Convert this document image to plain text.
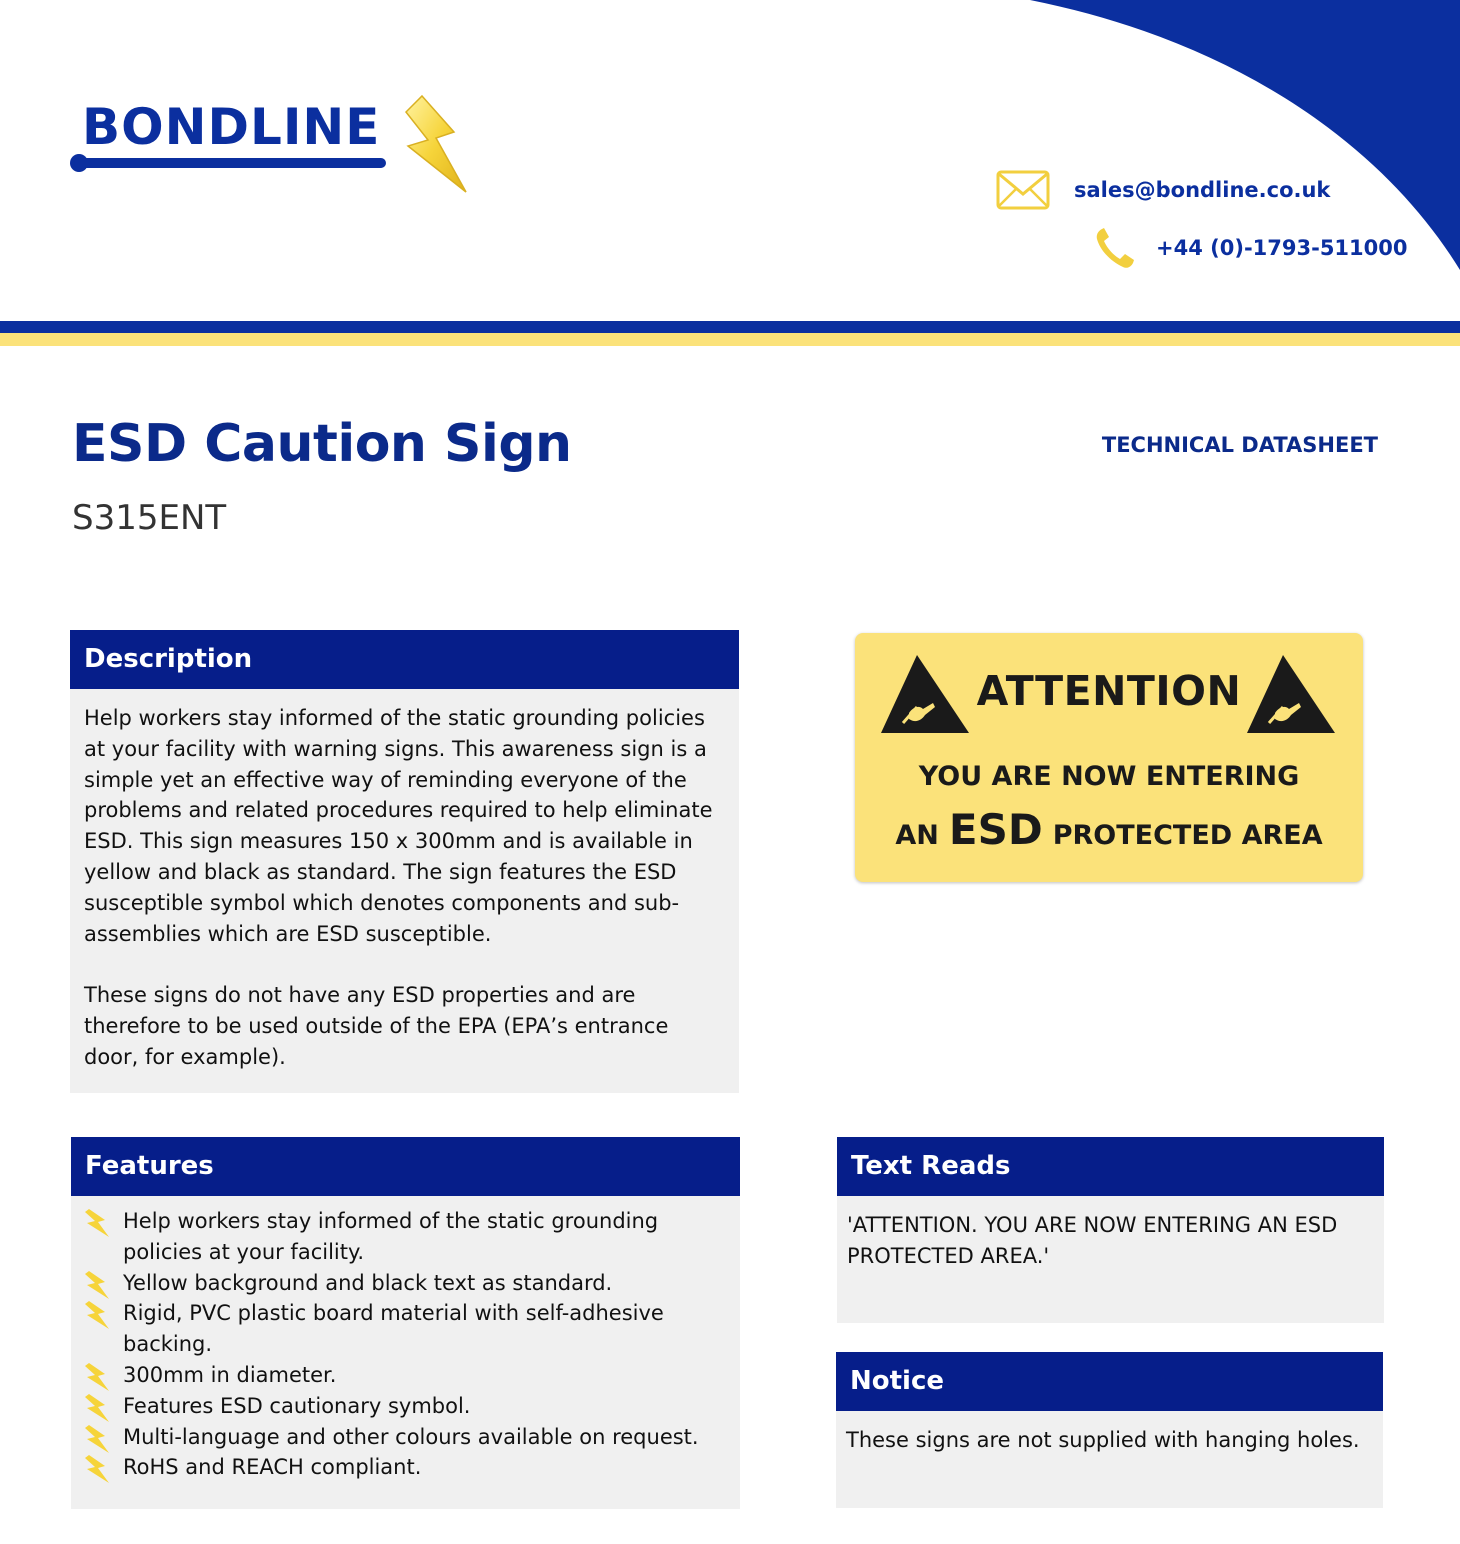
BONDLINE
sales@bondline.co.uk
+44 (0)-1793-511000
ESD Caution Sign
S315ENT
TECHNICAL DATASHEET
Description

Help workers stay informed of the static grounding policies at your facility with warning signs. This awareness sign is a simple yet an effective way of reminding everyone of the problems and related procedures required to help eliminate ESD. This sign measures 150 x 300mm and is available in yellow and black as standard. The sign features the ESD susceptible symbol which denotes components and sub-assemblies which are ESD susceptible.

These signs do not have any ESD properties and are therefore to be used outside of the EPA (EPA’s entrance door, for example).

ATTENTION
YOU ARE NOW ENTERING
AN ESD PROTECTED AREA
Features
Help workers stay informed of the static grounding policies at your facility.
Yellow background and black text as standard.
Rigid, PVC plastic board material with self-adhesive backing.
300mm in diameter.
Features ESD cautionary symbol.
Multi-language and other colours available on request.
RoHS and REACH compliant.
Text Reads

'ATTENTION. YOU ARE NOW ENTERING AN ESD PROTECTED AREA.'

Notice

These signs are not supplied with hanging holes.
